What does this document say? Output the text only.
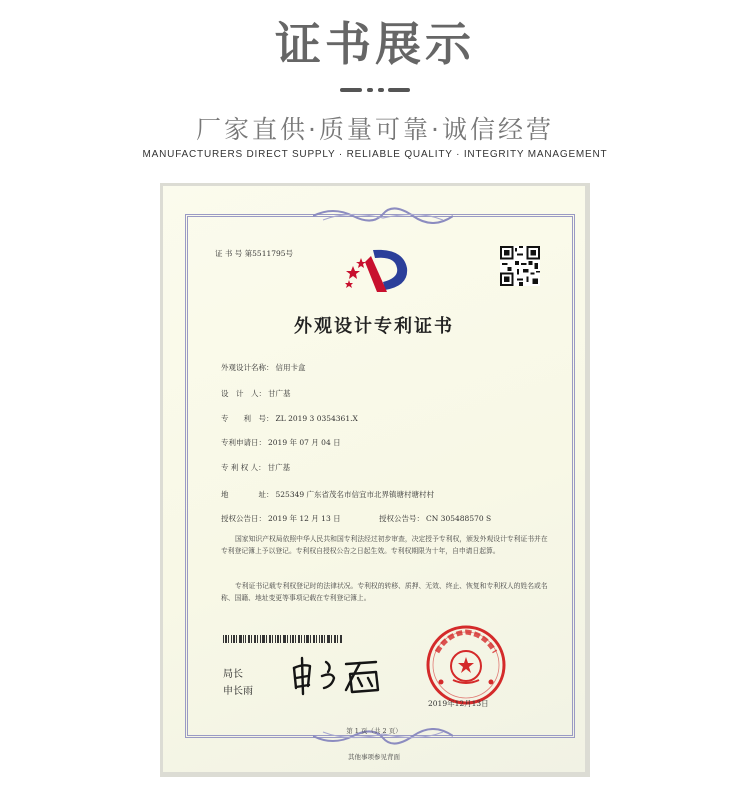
证书展示
厂家直供·质量可靠·诚信经营
MANUFACTURERS DIRECT SUPPLY · RELIABLE QUALITY · INTEGRITY MANAGEMENT
证 书 号 第5511795号
外观设计专利证书
外观设计名称： 信用卡盒
设　计　人： 甘广基
专　　利　号： ZL 2019 3 0354361.X
专利申请日： 2019 年 07 月 04 日
专 利 权 人： 甘广基
地　　　　址： 525349 广东省茂名市信宜市北界镇塘村塘村村
授权公告日： 2019 年 12 月 13 日	授权公告号： CN 305488570 S
国家知识产权局依照中华人民共和国专利法经过初步审查，决定授予专利权，颁发外观设计专利证书并在专利登记簿上予以登记。专利权自授权公告之日起生效。专利权期限为十年，自申请日起算。
专利证书记载专利权登记时的法律状况。专利权的转移、质押、无效、终止、恢复和专利权人的姓名或名称、国籍、地址变更等事项记载在专利登记簿上。
局长
申长雨
2019年12月13日
第 1 页（共 2 页）
其他事项参见背面
